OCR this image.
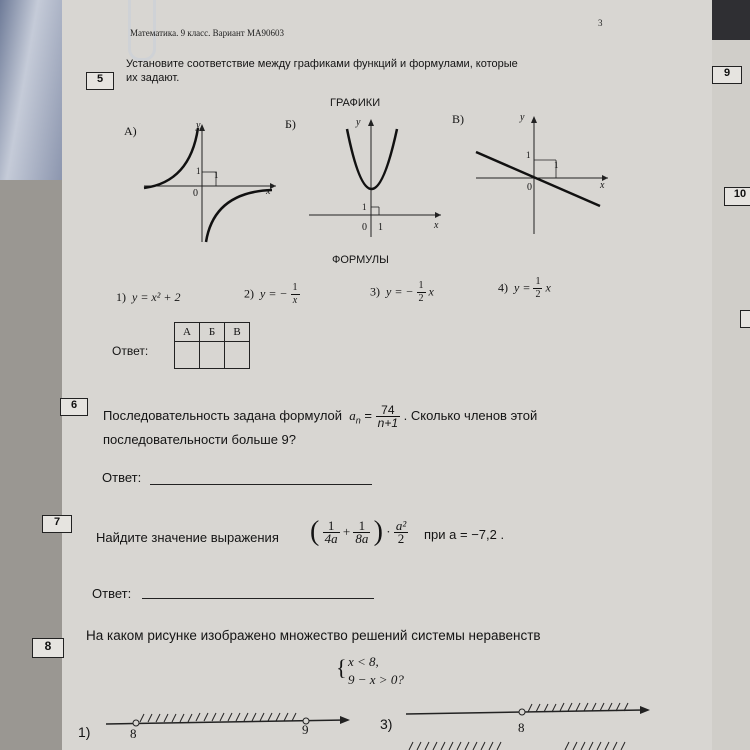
Математика. 9 класс. Вариант МА90603
3
9
10
5
Установите соответствие между графиками функций и формулами, которые
их задают.
ГРАФИКИ
А)	Б)	В)
y
x
0
1 1
y
x
0
1
1
y
x
0
1
1
ФОРМУЛЫ
1) y = x² + 2	2) y = − $\frac{1}{x}$	3) y = − $\frac{1}{2}$ x	4) $y = \frac{1}{2}$ x
Ответ:
А	Б	В

6
Последовательность задана формулой $a_n = \frac{74}{n+1}$ . Сколько членов этой
последовательности больше 9?
Ответ:
7
Найдите значение выражения ( $\frac{1}{4a} + \frac{1}{8a}$ ) · $\frac{\text{a²}}{2}$ при a = −7,2 .
Ответ:
8
На каком рисунке изображено множество решений системы неравенств
{ x < 8,
9 − x > 0?
1)	8	9	3)	8
